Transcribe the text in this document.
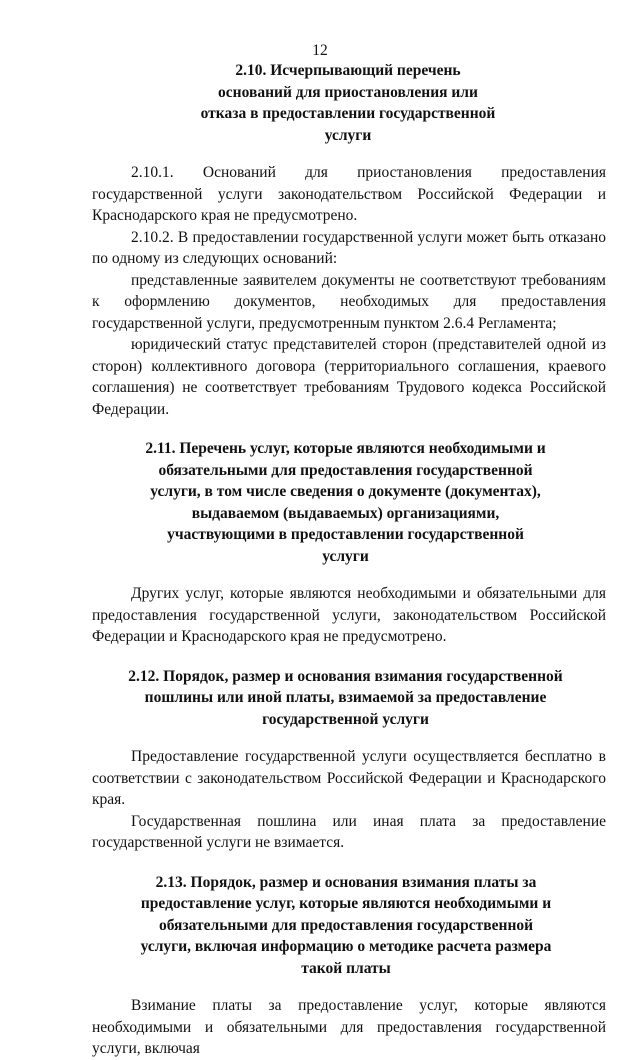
12

2.10. Исчерпывающий перечень оснований для приостановления или отказа в предоставлении государственной услуги

2.10.1. Оснований для приостановления предоставления государственной услуги законодательством Российской Федерации и Краснодарского края не предусмотрено.

2.10.2. В предоставлении государственной услуги может быть отказано по одному из следующих оснований:

представленные заявителем документы не соответствуют требованиям к оформлению документов, необходимых для предоставления государственной услуги, предусмотренным пунктом 2.6.4 Регламента;

юридический статус представителей сторон (представителей одной из сторон) коллективного договора (территориального соглашения, краевого соглашения) не соответствует требованиям Трудового кодекса Российской Федерации.

2.11. Перечень услуг, которые являются необходимыми и обязательными для предоставления государственной услуги, в том числе сведения о документе (документах), выдаваемом (выдаваемых) организациями, участвующими в предоставлении государственной услуги

Других услуг, которые являются необходимыми и обязательными для предоставления государственной услуги, законодательством Российской Федерации и Краснодарского края не предусмотрено.

2.12. Порядок, размер и основания взимания государственной пошлины или иной платы, взимаемой за предоставление государственной услуги

Предоставление государственной услуги осуществляется бесплатно в соответствии с законодательством Российской Федерации и Краснодарского края.

Государственная пошлина или иная плата за предоставление государственной услуги не взимается.

2.13. Порядок, размер и основания взимания платы за предоставление услуг, которые являются необходимыми и обязательными для предоставления государственной услуги, включая информацию о методике расчета размера такой платы

Взимание платы за предоставление услуг, которые являются необходимыми и обязательными для предоставления государственной услуги, включая
